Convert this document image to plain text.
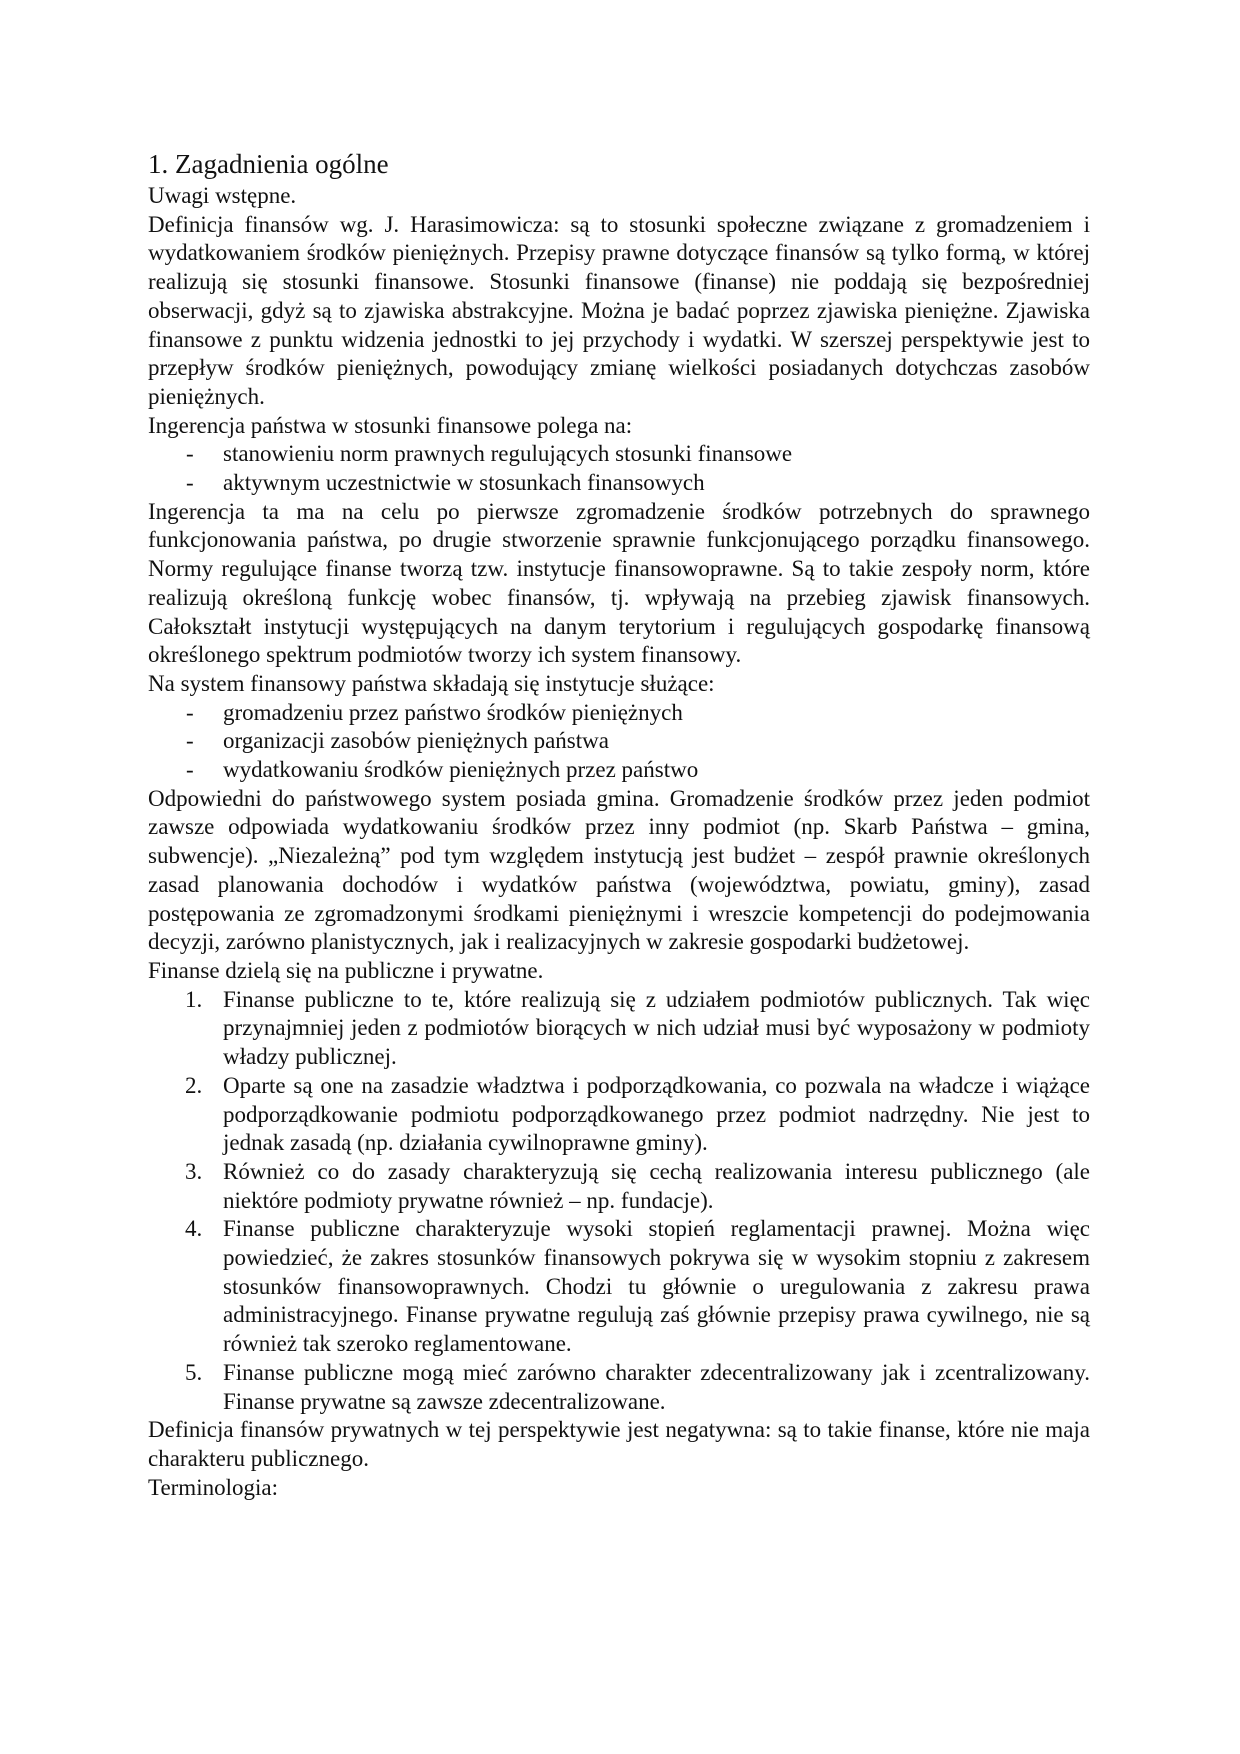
1. Zagadnienia ogólne

Uwagi wstępne.

Definicja finansów wg. J. Harasimowicza: są to stosunki społeczne związane z gromadzeniem i wydatkowaniem środków pieniężnych. Przepisy prawne dotyczące finansów są tylko formą, w której realizują się stosunki finansowe. Stosunki finansowe (finanse) nie poddają się bezpośredniej obserwacji, gdyż są to zjawiska abstrakcyjne. Można je badać poprzez zjawiska pieniężne. Zjawiska finansowe z punktu widzenia jednostki to jej przychody i wydatki. W szerszej perspektywie jest to przepływ środków pieniężnych, powodujący zmianę wielkości posiadanych dotychczas zasobów pieniężnych.

Ingerencja państwa w stosunki finansowe polega na:

- stanowieniu norm prawnych regulujących stosunki finansowe
- aktywnym uczestnictwie w stosunkach finansowych

Ingerencja ta ma na celu po pierwsze zgromadzenie środków potrzebnych do sprawnego funkcjonowania państwa, po drugie stworzenie sprawnie funkcjonującego porządku finansowego. Normy regulujące finanse tworzą tzw. instytucje finansowoprawne. Są to takie zespoły norm, które realizują określoną funkcję wobec finansów, tj. wpływają na przebieg zjawisk finansowych. Całokształt instytucji występujących na danym terytorium i regulujących gospodarkę finansową określonego spektrum podmiotów tworzy ich system finansowy.

Na system finansowy państwa składają się instytucje służące:

- gromadzeniu przez państwo środków pieniężnych
- organizacji zasobów pieniężnych państwa
- wydatkowaniu środków pieniężnych przez państwo

Odpowiedni do państwowego system posiada gmina. Gromadzenie środków przez jeden podmiot zawsze odpowiada wydatkowaniu środków przez inny podmiot (np. Skarb Państwa – gmina, subwencje). „Niezależną” pod tym względem instytucją jest budżet – zespół prawnie określonych zasad planowania dochodów i wydatków państwa (województwa, powiatu, gminy), zasad postępowania ze zgromadzonymi środkami pieniężnymi i wreszcie kompetencji do podejmowania decyzji, zarówno planistycznych, jak i realizacyjnych w zakresie gospodarki budżetowej.

Finanse dzielą się na publiczne i prywatne.

1. Finanse publiczne to te, które realizują się z udziałem podmiotów publicznych. Tak więc przynajmniej jeden z podmiotów biorących w nich udział musi być wyposażony w podmioty władzy publicznej.
2. Oparte są one na zasadzie władztwa i podporządkowania, co pozwala na władcze i wiążące podporządkowanie podmiotu podporządkowanego przez podmiot nadrzędny. Nie jest to jednak zasadą (np. działania cywilnoprawne gminy).
3. Również co do zasady charakteryzują się cechą realizowania interesu publicznego (ale niektóre podmioty prywatne również – np. fundacje).
4. Finanse publiczne charakteryzuje wysoki stopień reglamentacji prawnej. Można więc powiedzieć, że zakres stosunków finansowych pokrywa się w wysokim stopniu z zakresem stosunków finansowoprawnych. Chodzi tu głównie o uregulowania z zakresu prawa administracyjnego. Finanse prywatne regulują zaś głównie przepisy prawa cywilnego, nie są również tak szeroko reglamentowane.
5. Finanse publiczne mogą mieć zarówno charakter zdecentralizowany jak i zcentralizowany. Finanse prywatne są zawsze zdecentralizowane.

Definicja finansów prywatnych w tej perspektywie jest negatywna: są to takie finanse, które nie maja charakteru publicznego.

Terminologia:
